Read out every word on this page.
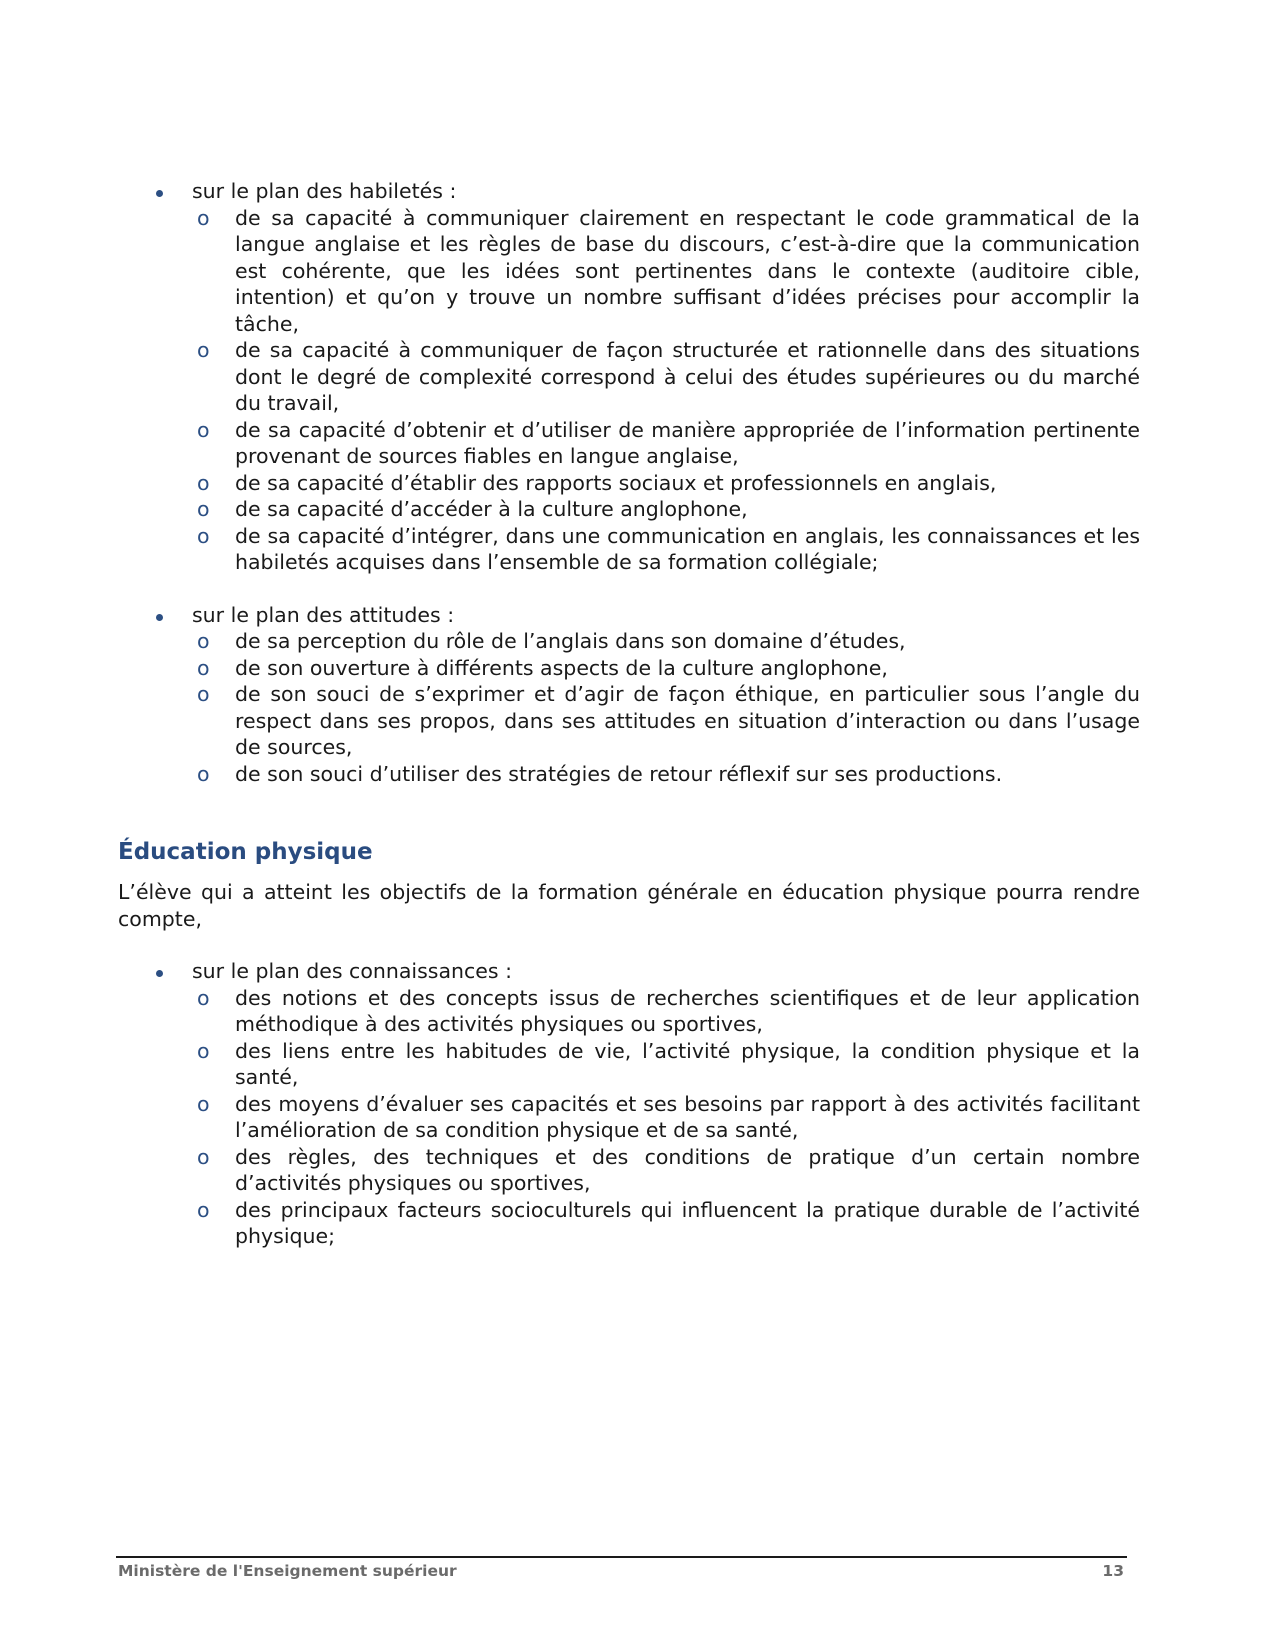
sur le plan des habiletés :
o de sa capacité à communiquer clairement en respectant le code grammatical de la langue anglaise et les règles de base du discours, c’est-à-dire que la communication est cohérente, que les idées sont pertinentes dans le contexte (auditoire cible, intention) et qu’on y trouve un nombre suffisant d’idées précises pour accomplir la tâche,
o de sa capacité à communiquer de façon structurée et rationnelle dans des situations dont le degré de complexité correspond à celui des études supérieures ou du marché du travail,
o de sa capacité d’obtenir et d’utiliser de manière appropriée de l’information pertinente provenant de sources fiables en langue anglaise,
o de sa capacité d’établir des rapports sociaux et professionnels en anglais,
o de sa capacité d’accéder à la culture anglophone,
o de sa capacité d’intégrer, dans une communication en anglais, les connaissances et les habiletés acquises dans l’ensemble de sa formation collégiale;
sur le plan des attitudes :
o de sa perception du rôle de l’anglais dans son domaine d’études,
o de son ouverture à différents aspects de la culture anglophone,
o de son souci de s’exprimer et d’agir de façon éthique, en particulier sous l’angle du respect dans ses propos, dans ses attitudes en situation d’interaction ou dans l’usage de sources,
o de son souci d’utiliser des stratégies de retour réflexif sur ses productions.
Éducation physique

L’élève qui a atteint les objectifs de la formation générale en éducation physique pourra rendre compte,

sur le plan des connaissances :
o des notions et des concepts issus de recherches scientifiques et de leur application méthodique à des activités physiques ou sportives,
o des liens entre les habitudes de vie, l’activité physique, la condition physique et la santé,
o des moyens d’évaluer ses capacités et ses besoins par rapport à des activités facilitant l’amélioration de sa condition physique et de sa santé,
o des règles, des techniques et des conditions de pratique d’un certain nombre d’activités physiques ou sportives,
o des principaux facteurs socioculturels qui influencent la pratique durable de l’activité physique;
Ministère de l'Enseignement supérieur	13
